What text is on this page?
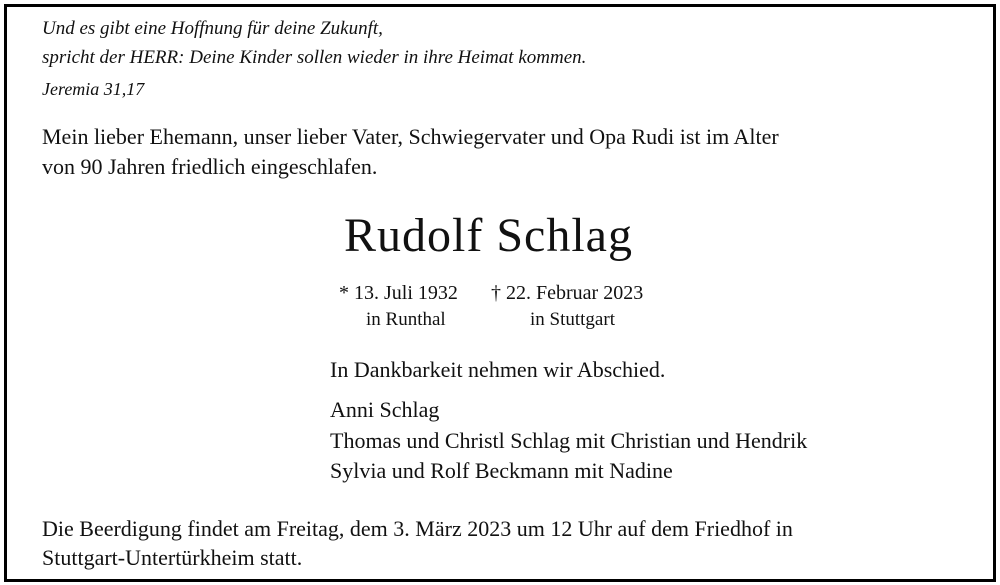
Und es gibt eine Hoffnung für deine Zukunft,
spricht der HERR: Deine Kinder sollen wieder in ihre Heimat kommen.
Jeremia 31,17
Mein lieber Ehemann, unser lieber Vater, Schwiegervater und Opa Rudi ist im Alter
von 90 Jahren friedlich eingeschlafen.
Rudolf Schlag
* 13. Juli 1932 † 22. Februar 2023
in Runthal	in Stuttgart
In Dankbarkeit nehmen wir Abschied.
Anni Schlag
Thomas und Christl Schlag mit Christian und Hendrik
Sylvia und Rolf Beckmann mit Nadine
Die Beerdigung findet am Freitag, dem 3. März 2023 um 12 Uhr auf dem Friedhof in
Stuttgart-Untertürkheim statt.
